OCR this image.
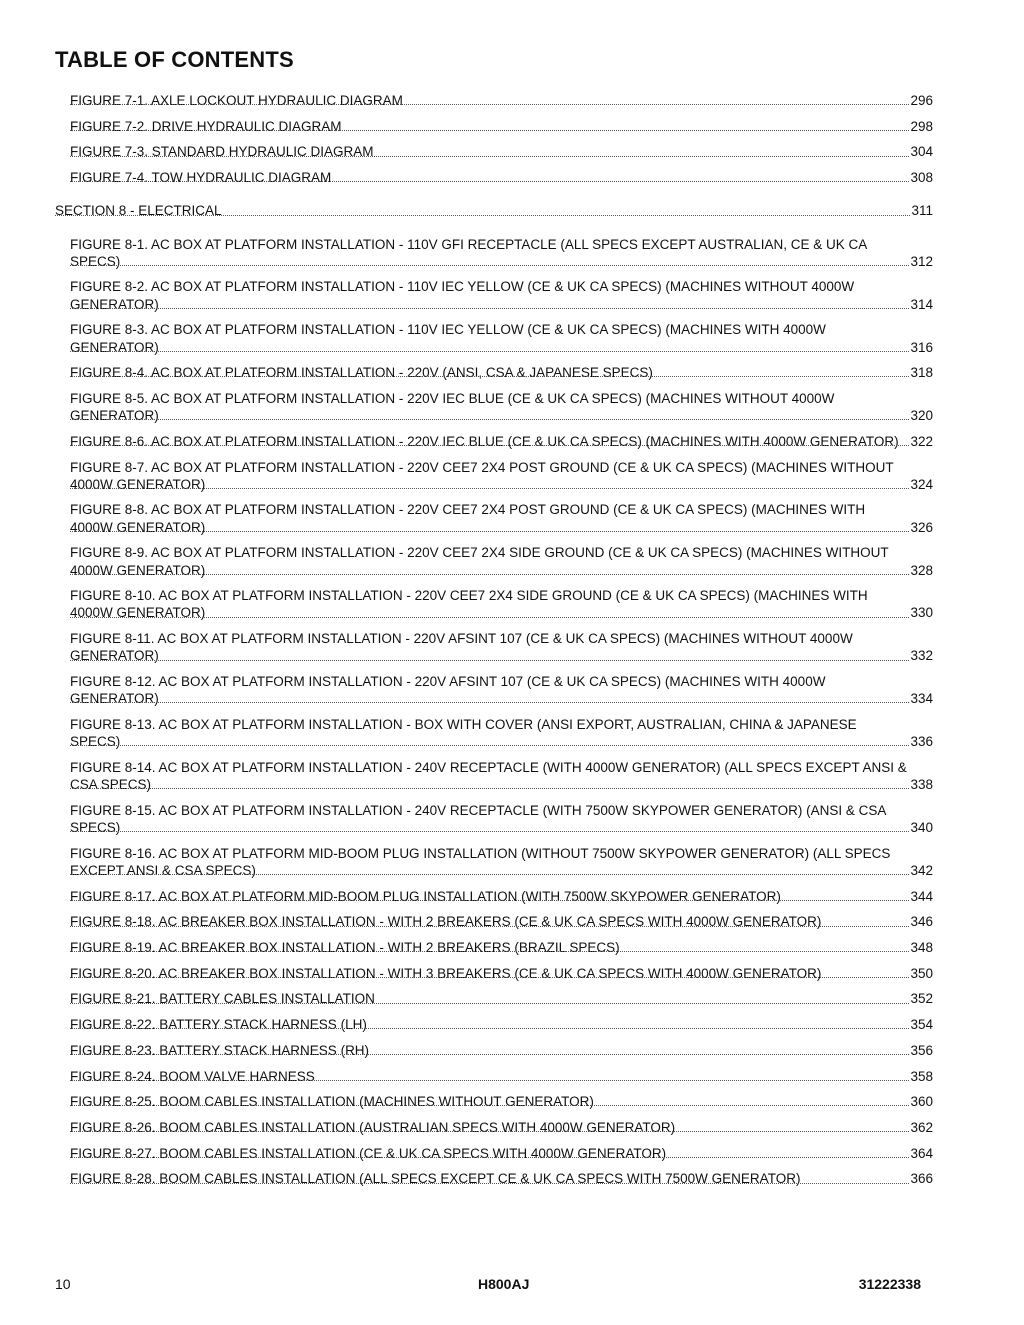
TABLE OF CONTENTS
FIGURE 7-1. AXLE LOCKOUT HYDRAULIC DIAGRAM	296
FIGURE 7-2. DRIVE HYDRAULIC DIAGRAM	298
FIGURE 7-3. STANDARD HYDRAULIC DIAGRAM	304
FIGURE 7-4. TOW HYDRAULIC DIAGRAM	308
SECTION 8 - ELECTRICAL	311
FIGURE 8-1. AC BOX AT PLATFORM INSTALLATION - 110V GFI RECEPTACLE (ALL SPECS EXCEPT AUSTRALIAN, CE & UK CA SPECS)	312
FIGURE 8-2. AC BOX AT PLATFORM INSTALLATION - 110V IEC YELLOW (CE & UK CA SPECS) (MACHINES WITHOUT 4000W GENERATOR)	314
FIGURE 8-3. AC BOX AT PLATFORM INSTALLATION - 110V IEC YELLOW (CE & UK CA SPECS) (MACHINES WITH 4000W GENERATOR)	316
FIGURE 8-4. AC BOX AT PLATFORM INSTALLATION - 220V (ANSI, CSA & JAPANESE SPECS)	318
FIGURE 8-5. AC BOX AT PLATFORM INSTALLATION - 220V IEC BLUE (CE & UK CA SPECS) (MACHINES WITHOUT 4000W GENERATOR)	320
FIGURE 8-6. AC BOX AT PLATFORM INSTALLATION - 220V IEC BLUE (CE & UK CA SPECS) (MACHINES WITH 4000W GENERATOR) 322
FIGURE 8-7. AC BOX AT PLATFORM INSTALLATION - 220V CEE7 2X4 POST GROUND (CE & UK CA SPECS) (MACHINES WITHOUT 4000W GENERATOR)	324
FIGURE 8-8. AC BOX AT PLATFORM INSTALLATION - 220V CEE7 2X4 POST GROUND (CE & UK CA SPECS) (MACHINES WITH 4000W GENERATOR)	326
FIGURE 8-9. AC BOX AT PLATFORM INSTALLATION - 220V CEE7 2X4 SIDE GROUND (CE & UK CA SPECS) (MACHINES WITHOUT 4000W GENERATOR)	328
FIGURE 8-10. AC BOX AT PLATFORM INSTALLATION - 220V CEE7 2X4 SIDE GROUND (CE & UK CA SPECS) (MACHINES WITH 4000W GENERATOR)	330
FIGURE 8-11. AC BOX AT PLATFORM INSTALLATION - 220V AFSINT 107 (CE & UK CA SPECS) (MACHINES WITHOUT 4000W GENERATOR)	332
FIGURE 8-12. AC BOX AT PLATFORM INSTALLATION - 220V AFSINT 107 (CE & UK CA SPECS) (MACHINES WITH 4000W GENERATOR)	334
FIGURE 8-13. AC BOX AT PLATFORM INSTALLATION - BOX WITH COVER (ANSI EXPORT, AUSTRALIAN, CHINA & JAPANESE SPECS)	336
FIGURE 8-14. AC BOX AT PLATFORM INSTALLATION - 240V RECEPTACLE (WITH 4000W GENERATOR) (ALL SPECS EXCEPT ANSI & CSA SPECS)	338
FIGURE 8-15. AC BOX AT PLATFORM INSTALLATION - 240V RECEPTACLE (WITH 7500W SKYPOWER GENERATOR) (ANSI & CSA SPECS)	340
FIGURE 8-16. AC BOX AT PLATFORM MID-BOOM PLUG INSTALLATION (WITHOUT 7500W SKYPOWER GENERATOR) (ALL SPECS EXCEPT ANSI & CSA SPECS)	342
FIGURE 8-17. AC BOX AT PLATFORM MID-BOOM PLUG INSTALLATION (WITH 7500W SKYPOWER GENERATOR)	344
FIGURE 8-18. AC BREAKER BOX INSTALLATION - WITH 2 BREAKERS (CE & UK CA SPECS WITH 4000W GENERATOR)	346
FIGURE 8-19. AC BREAKER BOX INSTALLATION - WITH 2 BREAKERS (BRAZIL SPECS)	348
FIGURE 8-20. AC BREAKER BOX INSTALLATION - WITH 3 BREAKERS (CE & UK CA SPECS WITH 4000W GENERATOR)	350
FIGURE 8-21. BATTERY CABLES INSTALLATION	352
FIGURE 8-22. BATTERY STACK HARNESS (LH)	354
FIGURE 8-23. BATTERY STACK HARNESS (RH)	356
FIGURE 8-24. BOOM VALVE HARNESS	358
FIGURE 8-25. BOOM CABLES INSTALLATION (MACHINES WITHOUT GENERATOR)	360
FIGURE 8-26. BOOM CABLES INSTALLATION (AUSTRALIAN SPECS WITH 4000W GENERATOR)	362
FIGURE 8-27. BOOM CABLES INSTALLATION (CE & UK CA SPECS WITH 4000W GENERATOR)	364
FIGURE 8-28. BOOM CABLES INSTALLATION (ALL SPECS EXCEPT CE & UK CA SPECS WITH 7500W GENERATOR)	366
10	H800AJ	31222338
